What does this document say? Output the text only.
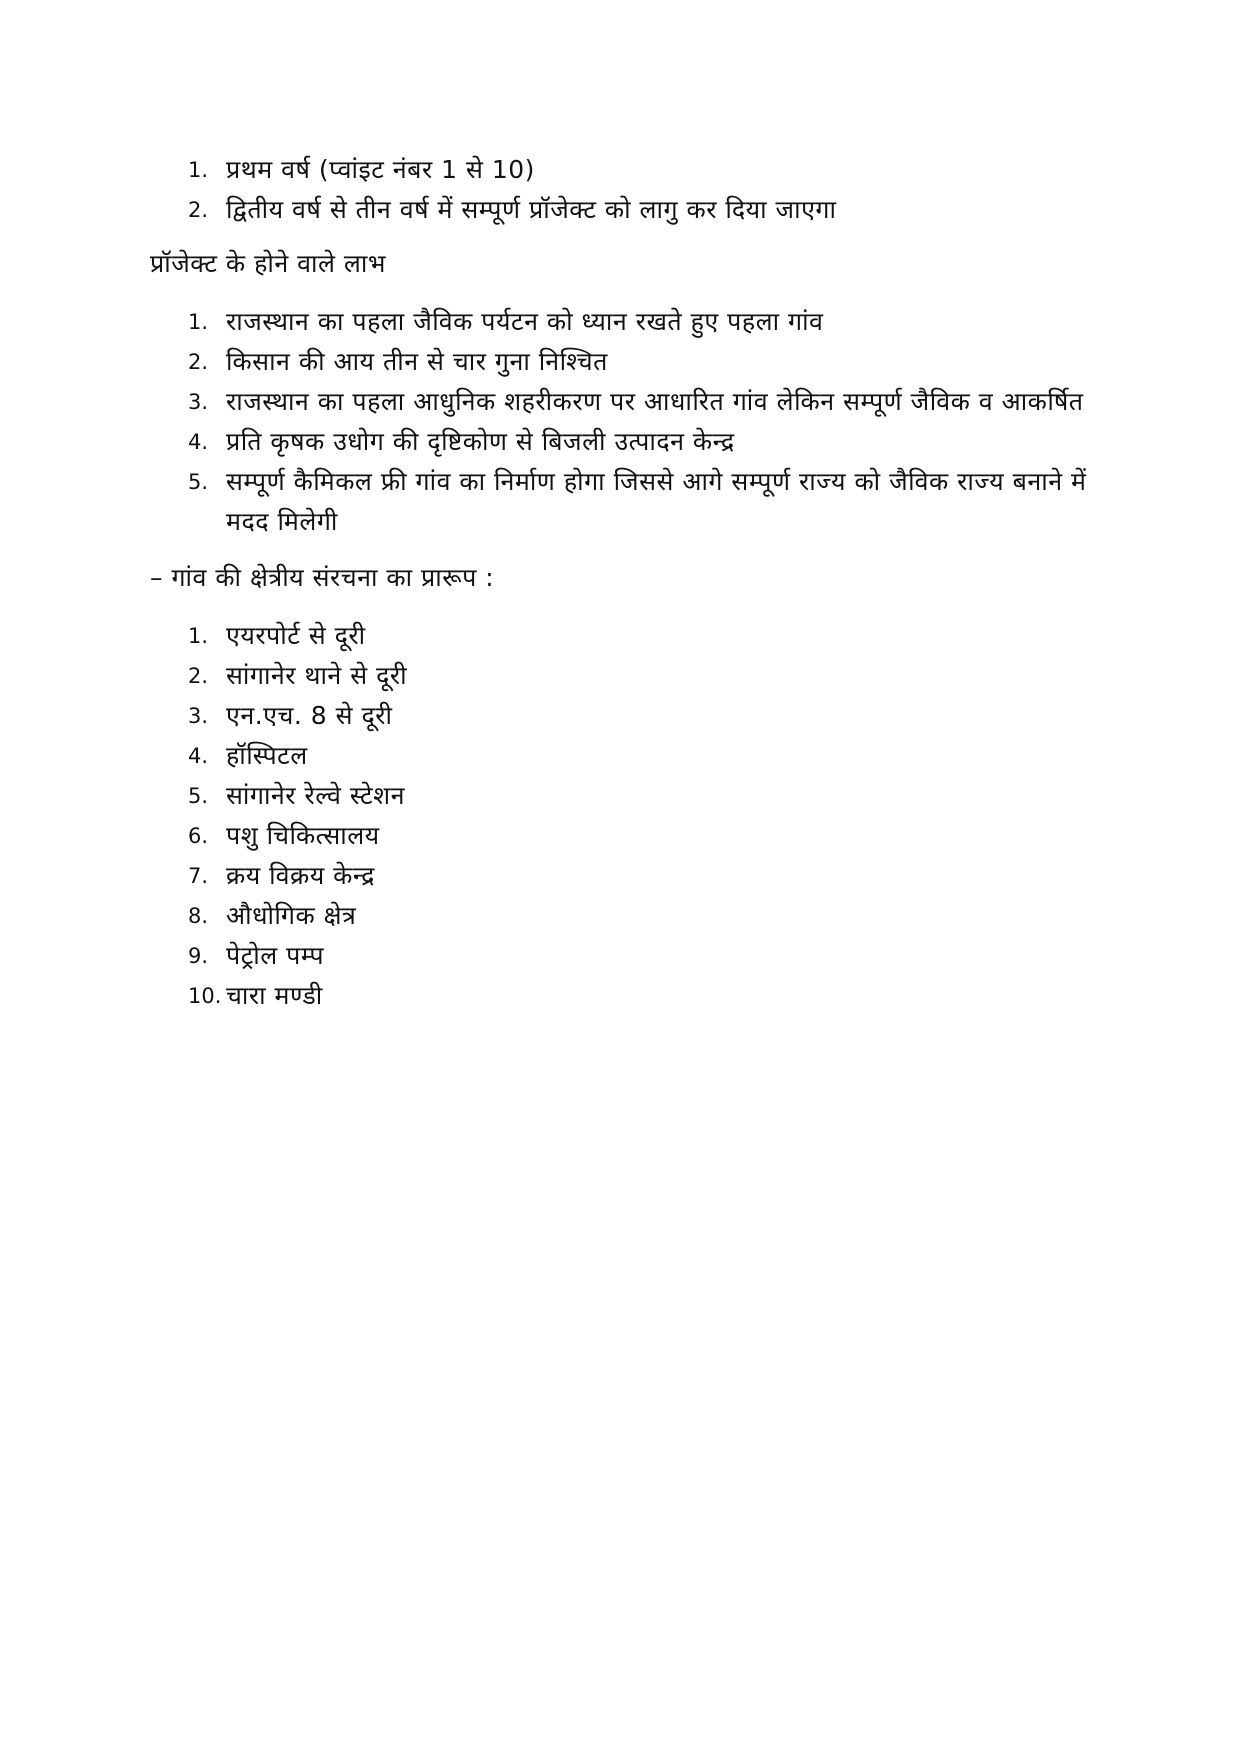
1. प्रथम वर्ष (प्वांइट नंबर 1 से 10)
2. द्वितीय वर्ष से तीन वर्ष में सम्पूर्ण प्रॉजेक्ट को लागु कर दिया जाएगा
प्रॉजेक्ट के होने वाले लाभ
1. राजस्थान का पहला जैविक पर्यटन को ध्यान रखते हुए पहला गांव
2. किसान की आय तीन से चार गुना निश्चित
3. राजस्थान का पहला आधुनिक शहरीकरण पर आधारित गांव लेकिन सम्पूर्ण जैविक व आकर्षित
4. प्रति कृषक उधोग की दृष्टिकोण से बिजली उत्पादन केन्द्र
5. सम्पूर्ण कैमिकल फ्री गांव का निर्माण होगा जिससे आगे सम्पूर्ण राज्य को जैविक राज्य बनाने में मदद मिलेगी
– गांव की क्षेत्रीय संरचना का प्रारूप :
1. एयरपोर्ट से दूरी
2. सांगानेर थाने से दूरी
3. एन.एच. 8 से दूरी
4. हॉस्पिटल
5. सांगानेर रेल्वे स्टेशन
6. पशु चिकित्सालय
7. क्रय विक्रय केन्द्र
8. औधोगिक क्षेत्र
9. पेट्रोल पम्प
10. चारा मण्डी
